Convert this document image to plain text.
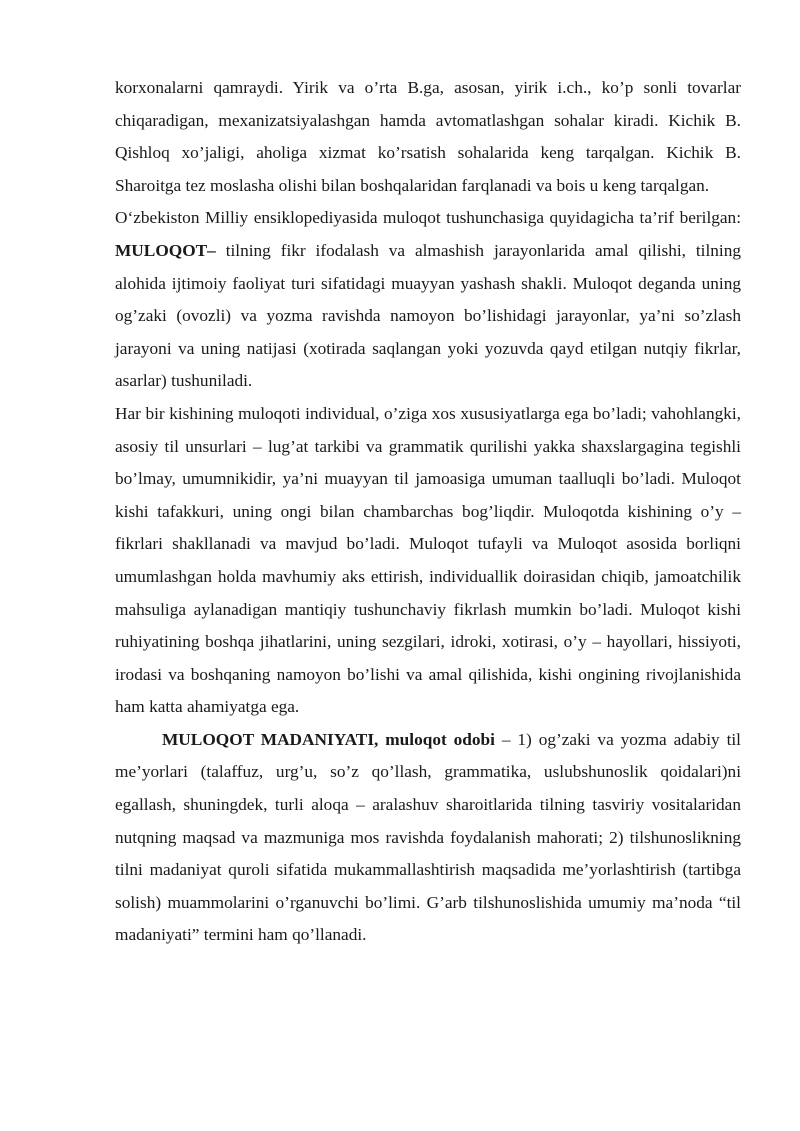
korxonalarni qamraydi. Yirik va o’rta B.ga, asosan, yirik i.ch., ko’p sonli tovarlar chiqaradigan, mexanizatsiyalashgan hamda avtomatlashgan sohalar kiradi. Kichik B. Qishloq xo’jaligi, aholiga xizmat ko’rsatish sohalarida keng tarqalgan. Kichik B. Sharoitga tez moslasha olishi bilan boshqalaridan farqlanadi va bois u keng tarqalgan.

O‘zbekiston Milliy ensiklopediyasida muloqot tushunchasiga quyidagicha ta’rif berilgan: MULOQOT– tilning fikr ifodalash va almashish jarayonlarida amal qilishi, tilning alohida ijtimoiy faoliyat turi sifatidagi muayyan yashash shakli. Muloqot deganda uning og’zaki (ovozli) va yozma ravishda namoyon bo’lishidagi jarayonlar, ya’ni so’zlash jarayoni va uning natijasi (xotirada saqlangan yoki yozuvda qayd etilgan nutqiy fikrlar, asarlar) tushuniladi.

Har bir kishining muloqoti individual, o’ziga xos xususiyatlarga ega bo’ladi; vahohlangki, asosiy til unsurlari – lug’at tarkibi va grammatik qurilishi yakka shaxslargagina tegishli bo’lmay, umumnikidir, ya’ni muayyan til jamoasiga umuman taalluqli bo’ladi. Muloqot kishi tafakkuri, uning ongi bilan chambarchas bog’liqdir. Muloqotda kishining o’y – fikrlari shakllanadi va mavjud bo’ladi. Muloqot tufayli va Muloqot asosida borliqni umumlashgan holda mavhumiy aks ettirish, individuallik doirasidan chiqib, jamoatchilik mahsuliga aylanadigan mantiqiy tushunchaviy fikrlash mumkin bo’ladi. Muloqot kishi ruhiyatining boshqa jihatlarini, uning sezgilari, idroki, xotirasi, o’y – hayollari, hissiyoti, irodasi va boshqaning namoyon bo’lishi va amal qilishida, kishi ongining rivojlanishida ham katta ahamiyatga ega.

MULOQOT MADANIYATI, muloqot odobi – 1) og’zaki va yozma adabiy til me’yorlari (talaffuz, urg’u, so’z qo’llash, grammatika, uslubshunoslik qoidalari)ni egallash, shuningdek, turli aloqa – aralashuv sharoitlarida tilning tasviriy vositalaridan nutqning maqsad va mazmuniga mos ravishda foydalanish mahorati; 2) tilshunoslikning tilni madaniyat quroli sifatida mukammallashtirish maqsadida me’yorlashtirish (tartibga solish) muammolarini o’rganuvchi bo’limi. G’arb tilshunoslishida umumiy ma’noda “til madaniyati” termini ham qo’llanadi.
